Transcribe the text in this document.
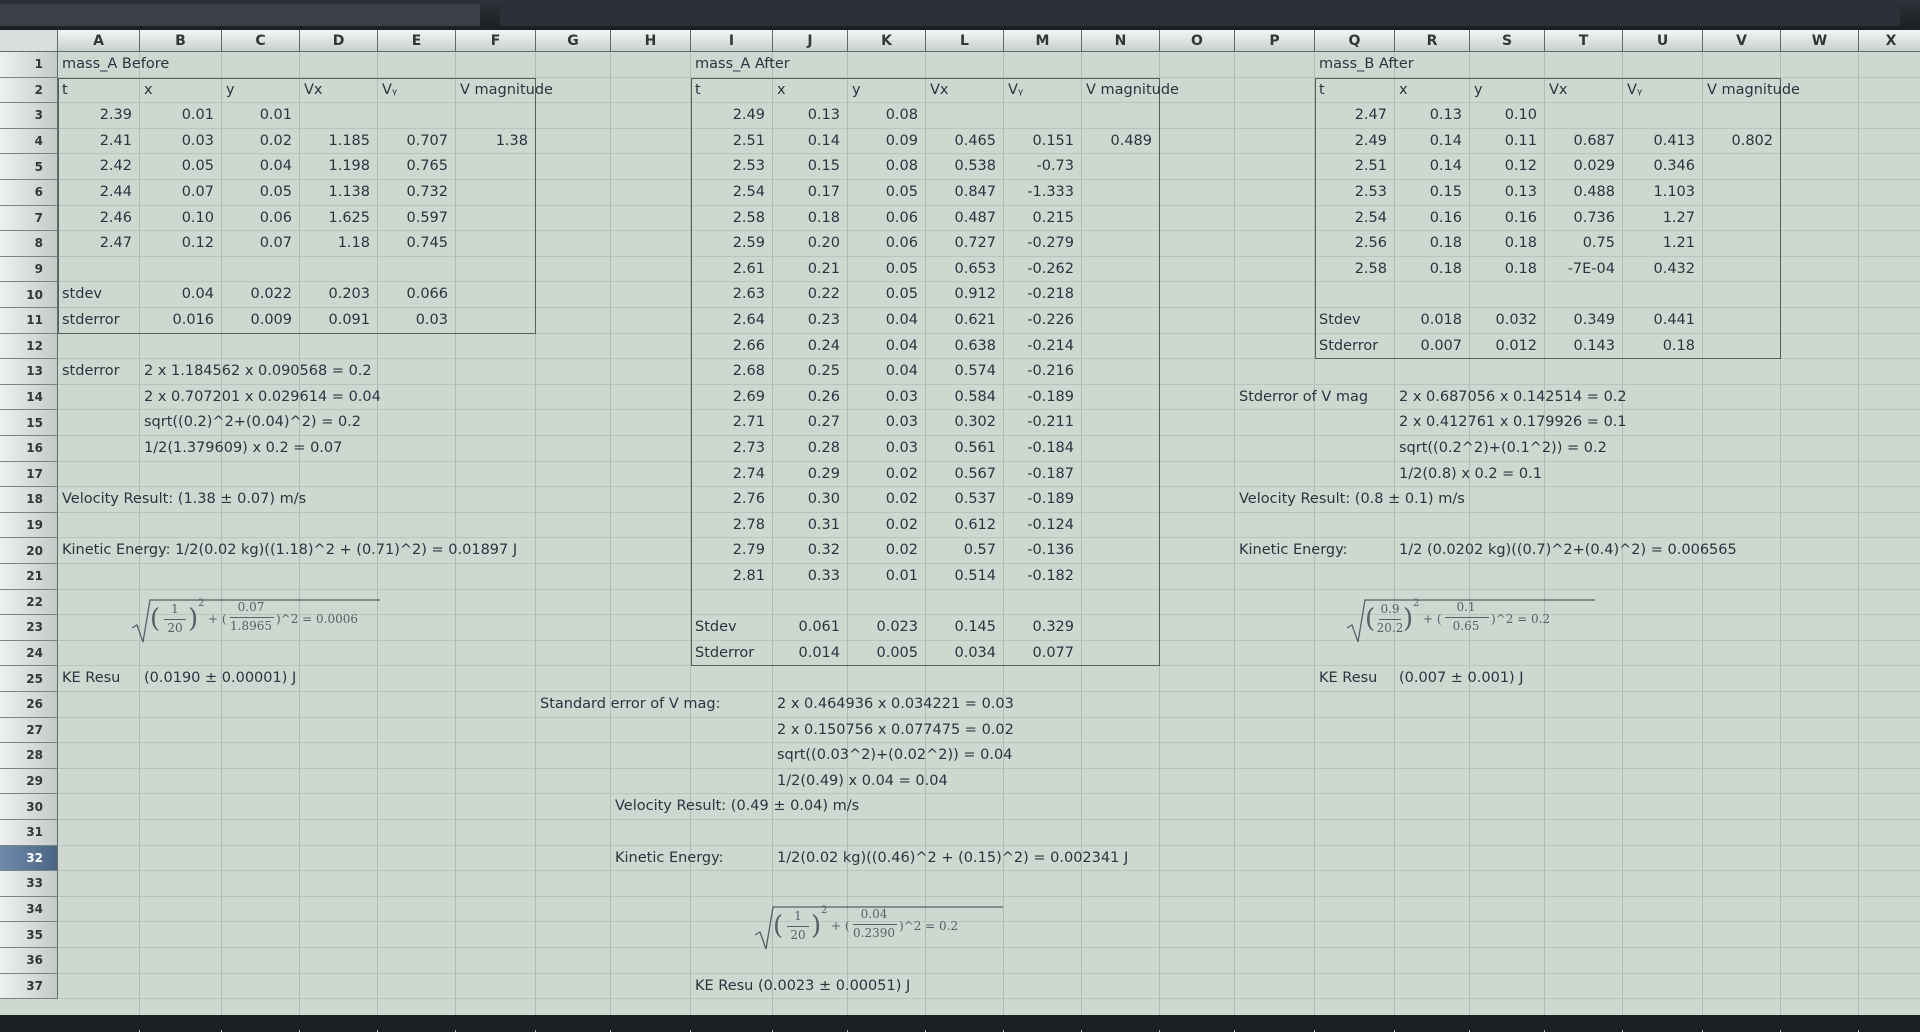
A	B	C	D	E	F	G	H	I	J	K	L	M	N	O	P	Q	R	S	T	U	V	W	X
1
2
3
4
5
6
7
8
9
10
11
12
13
14
15
16
17
18
19
20
21
22
23
24
25
26
27
28
29
30
31
32
33
34
35
36
37
mass_A Before
t	x	y	Vx	Vᵧ	V magnitude
2.39	0.01	0.01
2.41	0.03	0.02	1.185	0.707	1.38
2.42	0.05	0.04	1.198	0.765
2.44	0.07	0.05	1.138	0.732
2.46	0.10	0.06	1.625	0.597
2.47	0.12	0.07	1.18	0.745
stdev	0.04	0.022	0.203	0.066
stderror	0.016	0.009	0.091	0.03
stderror 2 x 1.184562 x 0.090568 = 0.2
2 x 0.707201 x 0.029614 = 0.04
sqrt((0.2)^2+(0.04)^2) = 0.2
1/2(1.379609) x 0.2 = 0.07
Velocity Result: (1.38 ± 0.07) m/s
Kinetic Energy: 1/2(0.02 kg)((1.18)^2 + (0.71)^2) = 0.01897 J
KE Resu (0.0190 ± 0.00001) J
mass_A After
t	x	y	Vx	Vᵧ	V magnitude
2.49	0.13	0.08
2.51	0.14	0.09	0.465	0.151	0.489
2.53	0.15	0.08	0.538	-0.73
2.54	0.17	0.05	0.847	-1.333
2.58	0.18	0.06	0.487	0.215
2.59	0.20	0.06	0.727	-0.279
2.61	0.21	0.05	0.653	-0.262
2.63	0.22	0.05	0.912	-0.218
2.64	0.23	0.04	0.621	-0.226
2.66	0.24	0.04	0.638	-0.214
2.68	0.25	0.04	0.574	-0.216
2.69	0.26	0.03	0.584	-0.189
2.71	0.27	0.03	0.302	-0.211
2.73	0.28	0.03	0.561	-0.184
2.74	0.29	0.02	0.567	-0.187
2.76	0.30	0.02	0.537	-0.189
2.78	0.31	0.02	0.612	-0.124
2.79	0.32	0.02	0.57	-0.136
2.81	0.33	0.01	0.514	-0.182
Stdev	0.061	0.023	0.145	0.329
Stderror	0.014	0.005	0.034	0.077
Standard error of V mag:	2 x 0.464936 x 0.034221 = 0.03
2 x 0.150756 x 0.077475 = 0.02
sqrt((0.03^2)+(0.02^2)) = 0.04
1/2(0.49) x 0.04 = 0.04
Velocity Result: (0.49 ± 0.04) m/s
Kinetic Energy:	1/2(0.02 kg)((0.46)^2 + (0.15)^2) = 0.002341 J
KE Resu (0.0023 ± 0.00051) J
mass_B After
t	x	y	Vx	Vᵧ	V magnitude
2.47	0.13	0.10
2.49	0.14	0.11	0.687	0.413	0.802
2.51	0.14	0.12	0.029	0.346
2.53	0.15	0.13	0.488	1.103
2.54	0.16	0.16	0.736	1.27
2.56	0.18	0.18	0.75	1.21
2.58	0.18	0.18	-7E-04	0.432
Stdev	0.018	0.032	0.349	0.441
Stderror	0.007	0.012	0.143	0.18
Stderror of V mag 2 x 0.687056 x 0.142514 = 0.2
2 x 0.412761 x 0.179926 = 0.1
sqrt((0.2^2)+(0.1^2)) = 0.2
1/2(0.8) x 0.2 = 0.1
Velocity Result: (0.8 ± 0.1) m/s
Kinetic Energy:	1/2 (0.0202 kg)((0.7)^2+(0.4)^2) = 0.006565
KE Resu (0.007 ± 0.001) J
( 1
20 )
2
+ (
0.07
1.8965 )^2 = 0.0006	( 0.9
20.2 )
2
+ (
0.1
0.65 )^2 = 0.2
( 1
20 )
2
+ (
0.04
0.2390 )^2 = 0.2
